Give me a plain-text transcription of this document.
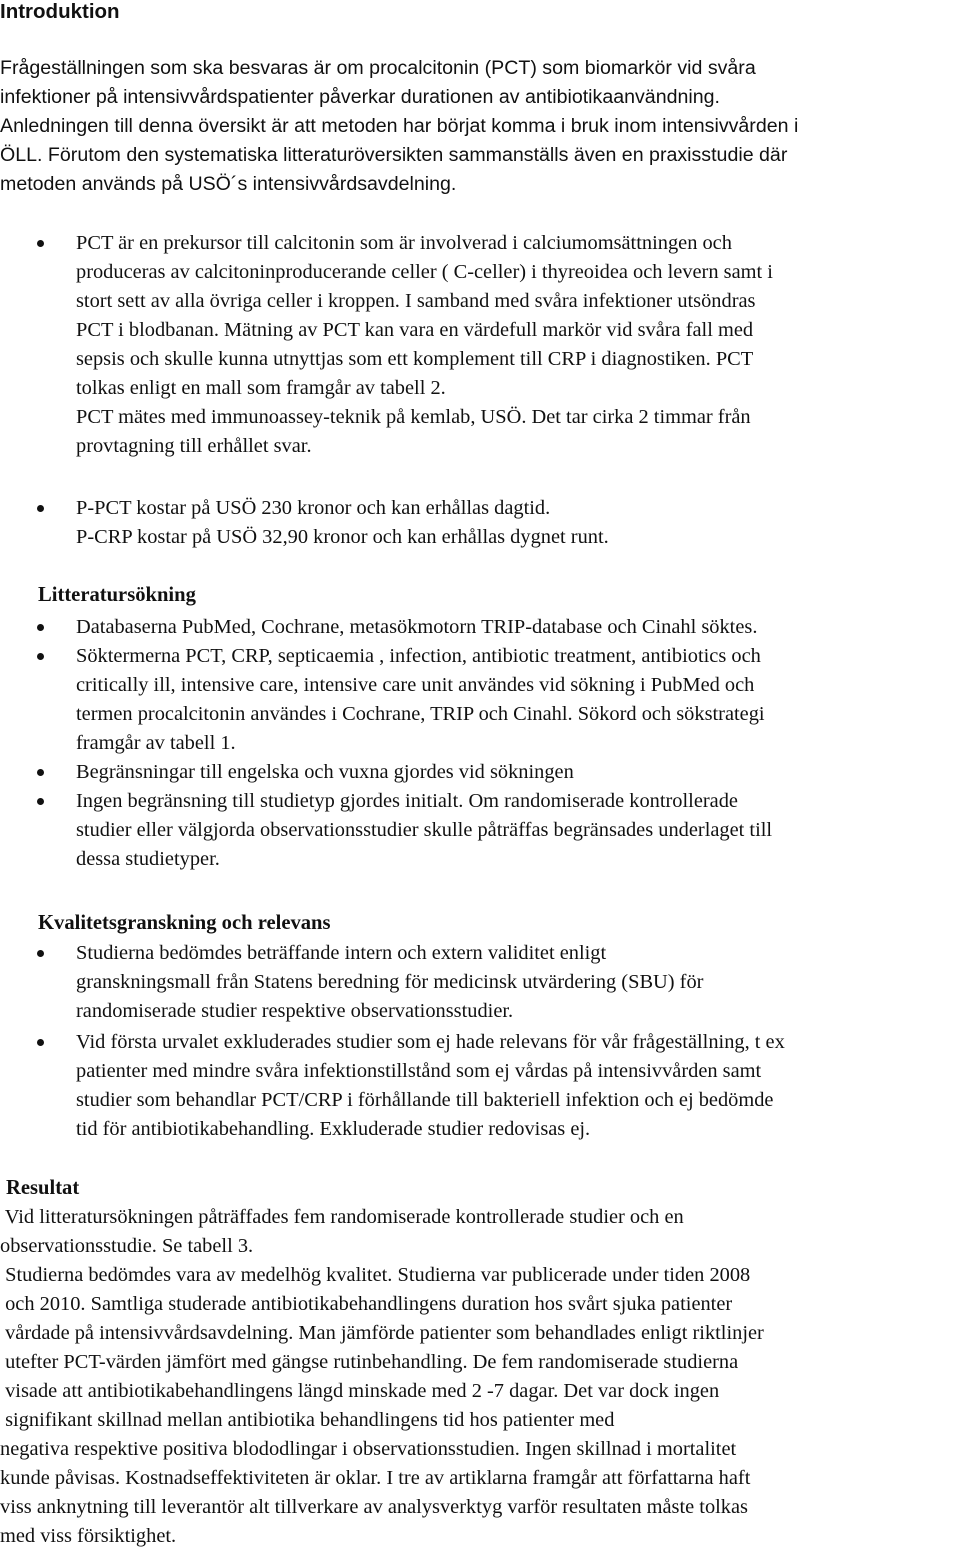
Introduktion

Frågeställningen som ska besvaras är om procalcitonin (PCT) som biomarkör vid svåra
infektioner på intensivvårdspatienter påverkar durationen av antibiotikaanvändning.
Anledningen till denna översikt är att metoden har börjat komma i bruk inom intensivvården i
ÖLL. Förutom den systematiska litteraturöversikten sammanställs även en praxisstudie där
metoden används på USÖ´s intensivvårdsavdelning.

PCT är en prekursor till calcitonin som är involverad i calciumomsättningen och
produceras av calcitoninproducerande celler ( C-celler) i thyreoidea och levern samt i
stort sett av alla övriga celler i kroppen. I samband med svåra infektioner utsöndras
PCT i blodbanan. Mätning av PCT kan vara en värdefull markör vid svåra fall med
sepsis och skulle kunna utnyttjas som ett komplement till CRP i diagnostiken. PCT
tolkas enligt en mall som framgår av tabell 2.
PCT mätes med immunoassey-teknik på kemlab, USÖ. Det tar cirka 2 timmar från
provtagning till erhållet svar.
P-PCT kostar på USÖ 230 kronor och kan erhållas dagtid.
P-CRP kostar på USÖ 32,90 kronor och kan erhållas dygnet runt.
Litteratursökning
Databaserna PubMed, Cochrane, metasökmotorn TRIP-database och Cinahl söktes.
Söktermerna PCT, CRP, septicaemia , infection, antibiotic treatment, antibiotics och
critically ill, intensive care, intensive care unit användes vid sökning i PubMed och
termen procalcitonin användes i Cochrane, TRIP och Cinahl. Sökord och sökstrategi
framgår av tabell 1.
Begränsningar till engelska och vuxna gjordes vid sökningen
Ingen begränsning till studietyp gjordes initialt. Om randomiserade kontrollerade
studier eller välgjorda observationsstudier skulle påträffas begränsades underlaget till
dessa studietyper.
Kvalitetsgranskning och relevans
Studierna bedömdes beträffande intern och extern validitet enligt
granskningsmall från Statens beredning för medicinsk utvärdering (SBU) för
randomiserade studier respektive observationsstudier.
Vid första urvalet exkluderades studier som ej hade relevans för vår frågeställning, t ex
patienter med mindre svåra infektionstillstånd som ej vårdas på intensivvården samt
studier som behandlar PCT/CRP i förhållande till bakteriell infektion och ej bedömde
tid för antibiotikabehandling. Exkluderade studier redovisas ej.
Resultat

Vid litteratursökningen påträffades fem randomiserade kontrollerade studier och en
observationsstudie. Se tabell 3.
Studierna bedömdes vara av medelhög kvalitet. Studierna var publicerade under tiden 2008
och 2010. Samtliga studerade antibiotikabehandlingens duration hos svårt sjuka patienter
vårdade på intensivvårdsavdelning. Man jämförde patienter som behandlades enligt riktlinjer
utefter PCT-värden jämfört med gängse rutinbehandling. De fem randomiserade studierna
visade att antibiotikabehandlingens längd minskade med 2 -7 dagar. Det var dock ingen
signifikant skillnad mellan antibiotika behandlingens tid hos patienter med
negativa respektive positiva blododlingar i observationsstudien. Ingen skillnad i mortalitet
kunde påvisas. Kostnadseffektiviteten är oklar. I tre av artiklarna framgår att författarna haft
viss anknytning till leverantör alt tillverkare av analysverktyg varför resultaten måste tolkas
med viss försiktighet.
